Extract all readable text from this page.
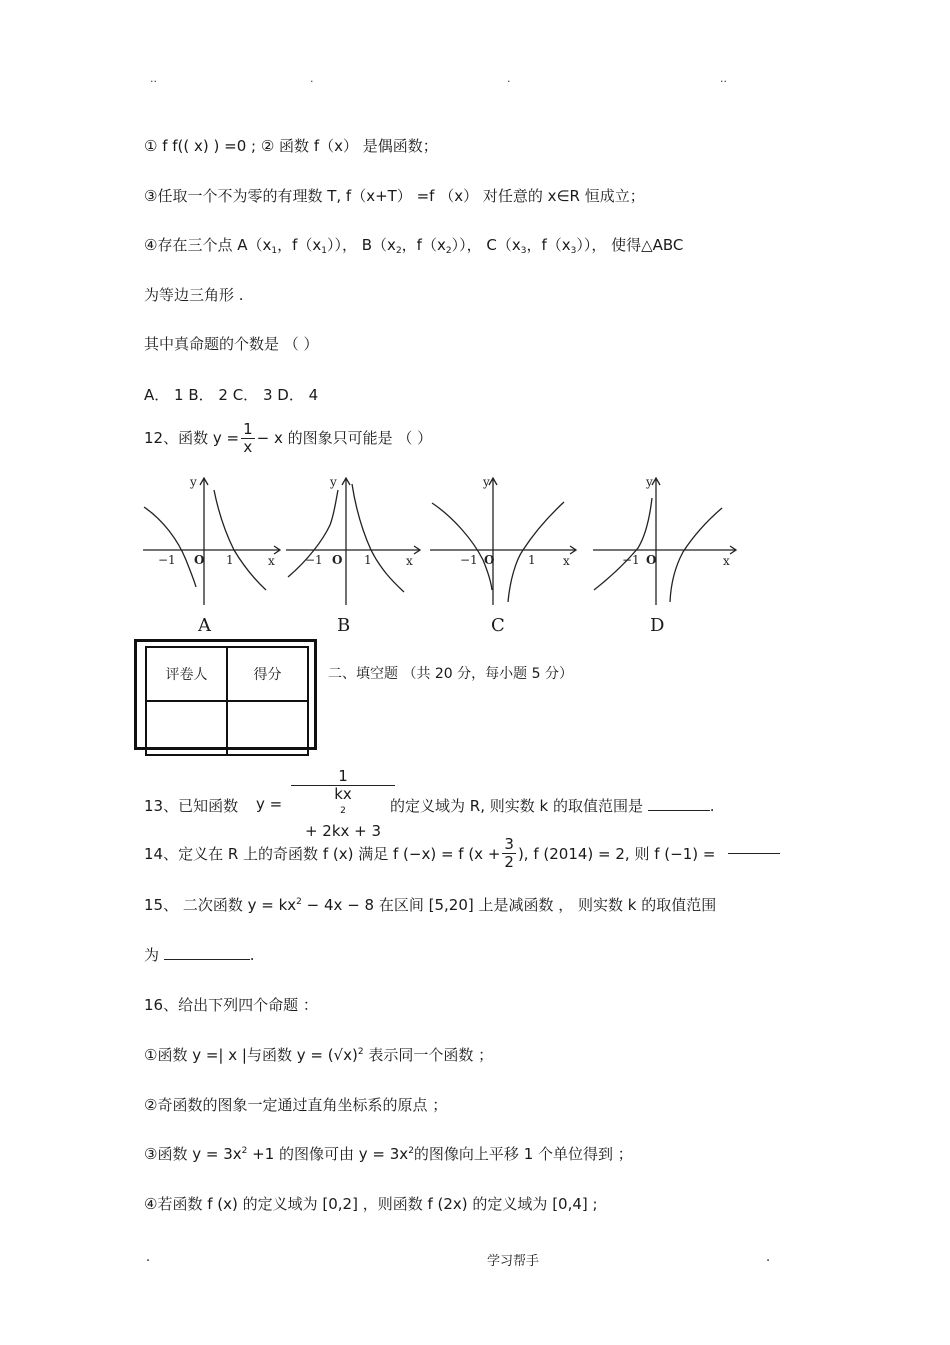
..	.	.	..
① f f(( x) ) =0 ; ② 函数 f（x） 是偶函数；
③任取一个不为零的有理数 T, f（x+T） =f （x） 对任意的 x∈R 恒成立；
④存在三个点 $A(x_1$，$f(x_1)$）， $B(x_2$，$f(x_2)$）， $C(x_3$，$f(x_3)$）， 使得△ABC
为等边三角形 .
其中真命题的个数是 （ ）
A． 1 B． 2 C． 3 D． 4
12、函数 $y = \frac{1}{x} - x$ 的图象只可能是 （ ）
y
x
−1 O 1
y
x
−1 O 1
y
x
−1 O	1
y
x
−1 O
A	B	C	D
评卷人	得分
		二、填空题 （共 20 分，每小题 5 分）
y = 1
kx
$^2$
+ 2kx + 3
13、已知函数	的定义域为 R, 则实数 k 的取值范围是	.
14、定义在 R 上的奇函数 f (x) 满足 f (−x) = f ($x + \frac{3}{2}$ ), f (2014) = 2, 则 f (−1) =
15、 二次函数 $y = kx^2 - 4x - 8$ 在区间 [5,20] 上是减函数 ， 则实数 k 的取值范围
为	.
16、给出下列四个命题 ：
①函数 y =| x |与函数 $y = (√x)^2$ 表示同一个函数 ；
②奇函数的图象一定通过直角坐标系的原点 ；
③函数 $y = 3x^2 +1$ 的图像可由 $y = 3x^2$的图像向上平移 1 个单位得到 ；
④若函数 f (x) 的定义域为 [0,2] ，则函数 f (2x) 的定义域为 [0,4] ;
.	学习帮手	.
